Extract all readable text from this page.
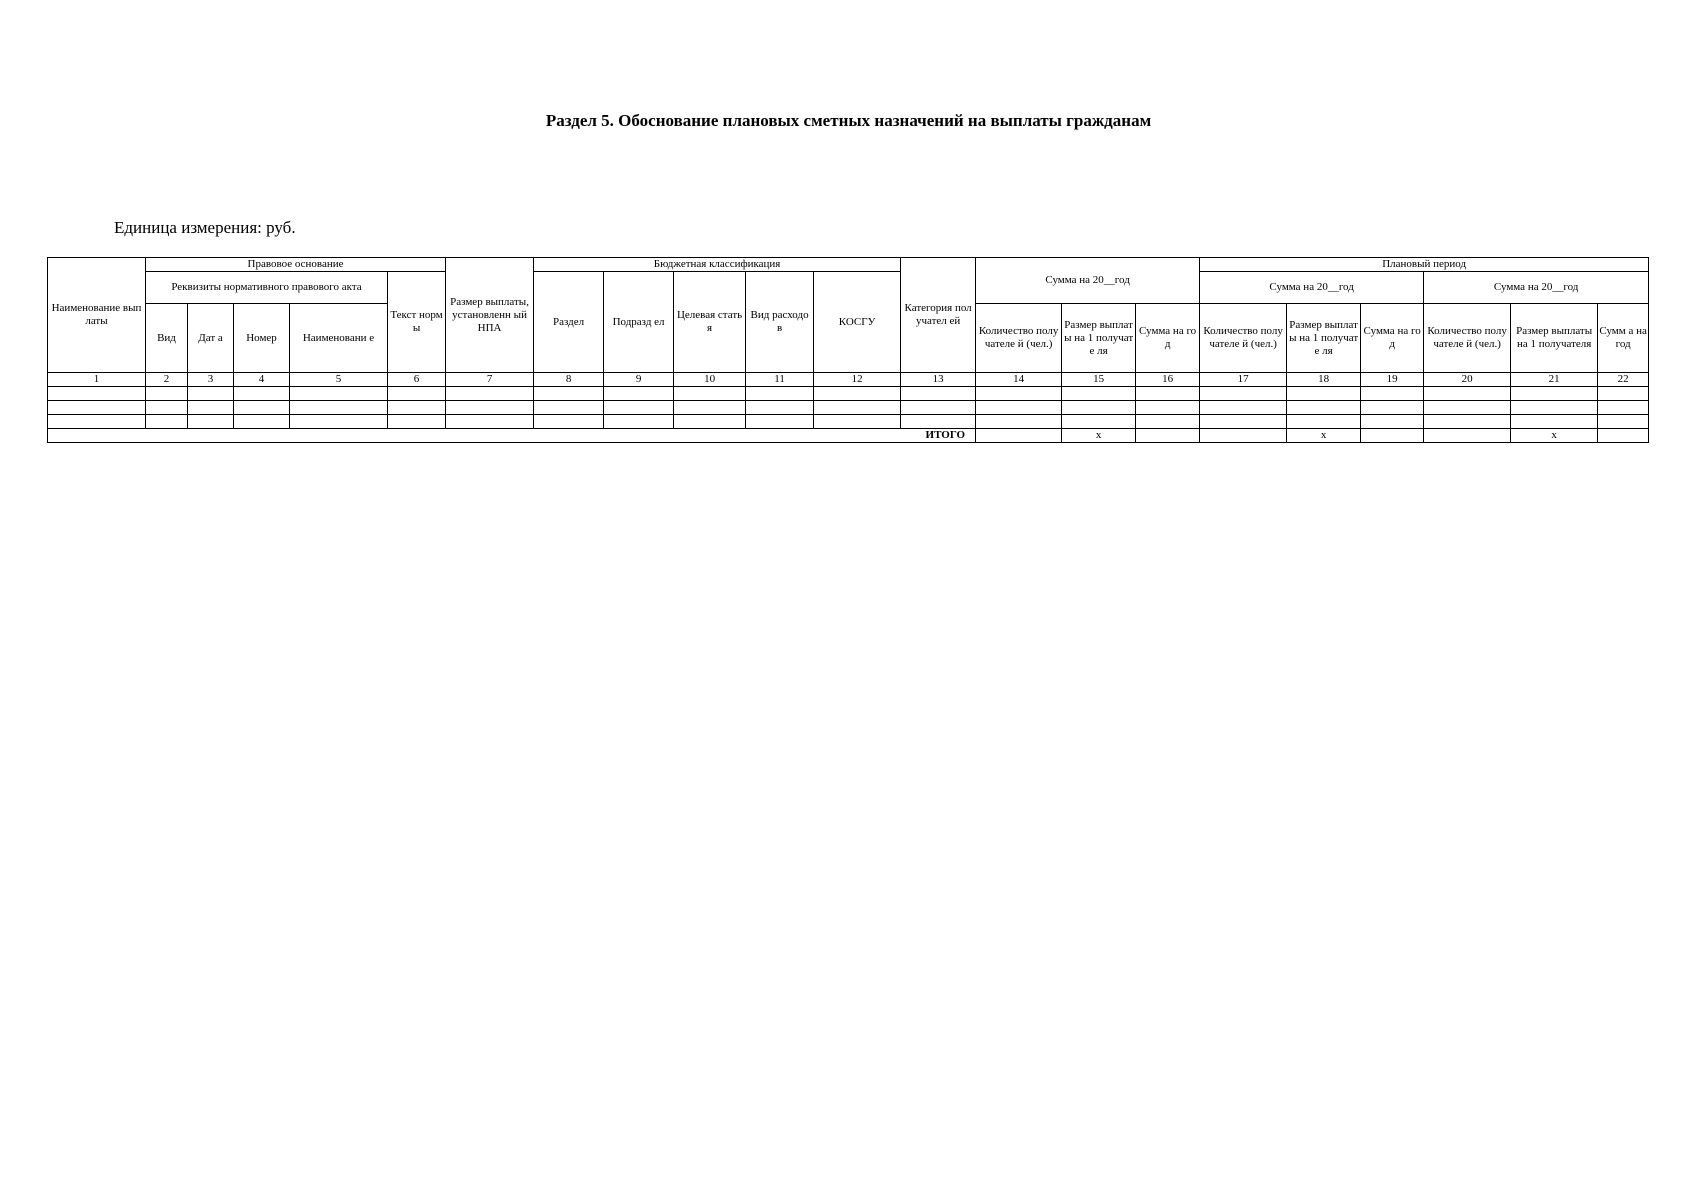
Раздел 5. Обоснование плановых сметных назначений на выплаты гражданам
Единица измерения: руб.
Наименование выплаты	Правовое основание					Размер выплаты, установленн ый НПА	Бюджетная классификация					Категория получател ей	Сумма на 20__год			Плановый период					
	Реквизиты нормативного правового акта				Текст нормы		Раздел	Подразд ел	Целевая статья	Вид расходо в	КОСГУ					Сумма на 20__год			Сумма на 20__год		
	Вид	Дат а	Номер	Наименовани е									Количество получателе й (чел.)	Размер выплаты на 1 получате ля	Сумма на год	Количество получателе й (чел.)	Размер выплаты на 1 получате ля	Сумма на год	Количество получателе й (чел.)	Размер выплаты на 1 получателя	Сумм а на год
1	2	3	4	5	6	7	8	9	10	11	12	13	14	15	16	17	18	19	20	21	22

ИТОГО														x			x			x	
